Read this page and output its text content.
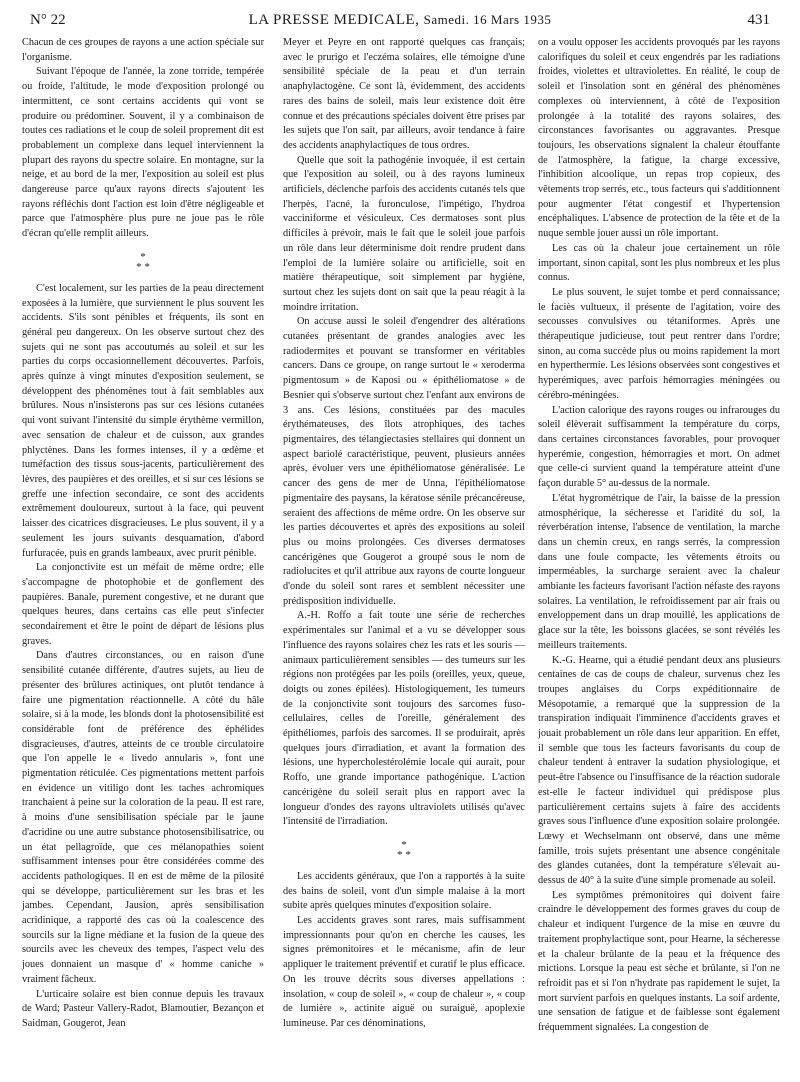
N° 22	LA PRESSE MEDICALE, Samedi. 16 Mars 1935	431

Chacun de ces groupes de rayons a une action spéciale sur l'organisme.

Suivant l'époque de l'année, la zone torride, tempérée ou froide, l'altitude, le mode d'exposition prolongé ou intermittent, ce sont certains accidents qui vont se produire ou prédominer. Souvent, il y a combinaison de toutes ces radiations et le coup de soleil proprement dit est probablement un complexe dans lequel interviennent la plupart des rayons du spectre solaire. En montagne, sur la neige, et au bord de la mer, l'exposition au soleil est plus dangereuse parce qu'aux rayons directs s'ajoutent les rayons réfléchis dont l'action est loin d'être négligeable et parce que l'atmosphère plus pure ne joue pas le rôle d'écran qu'elle remplit ailleurs.

*
* *

C'est localement, sur les parties de la peau directement exposées à la lumière, que surviennent le plus souvent les accidents. S'ils sont pénibles et fréquents, ils sont en général peu dangereux. On les observe surtout chez des sujets qui ne sont pas accoutumés au soleil et sur les parties du corps occasionnellement découvertes. Parfois, après quinze à vingt minutes d'exposition seulement, se développent des phénomènes tout à fait semblables aux brûlures. Nous n'insisterons pas sur ces lésions cutanées qui vont suivant l'intensité du simple érythème vermillon, avec sensation de chaleur et de cuisson, aux grandes phlyctènes. Dans les formes intenses, il y a œdème et tuméfaction des tissus sous-jacents, particulièrement des lèvres, des paupières et des oreilles, et si sur ces lésions se greffe une infection secondaire, ce sont des accidents extrêmement douloureux, surtout à la face, qui peuvent laisser des cicatrices disgracieuses. Le plus souvent, il y a seulement les jours suivants desquamation, d'abord furfuracée, puis en grands lambeaux, avec prurit pénible.

La conjonctivite est un méfait de même ordre; elle s'accompagne de photophobie et de gonflement des paupières. Banale, purement congestive, et ne durant que quelques heures, dans certains cas elle peut s'infecter secondairement et être le point de départ de lésions plus graves.

Dans d'autres circonstances, ou en raison d'une sensibilité cutanée différente, d'autres sujets, au lieu de présenter des brûlures actiniques, ont plutôt tendance à faire une pigmentation réactionnelle. A côté du hâle solaire, si à la mode, les blonds dont la photosensibilité est considérable font de préférence des éphélides disgracieuses, d'autres, atteints de ce trouble circulatoire que l'on appelle le « livedo annularis », font une pigmentation réticulée. Ces pigmentations mettent parfois en évidence un vitiligo dont les taches achromiques tranchaient à peine sur la coloration de la peau. Il est rare, à moins d'une sensibilisation spéciale par le jaune d'acridine ou une autre substance photosensibilisatrice, ou un état pellagroïde, que ces mélanopathies soient suffisamment intenses pour être considérées comme des accidents pathologiques. Il en est de même de la pilosité qui se développe, particulièrement sur les bras et les jambes. Cependant, Jausion, après sensibilisation acridinique, a rapporté des cas où la coalescence des sourcils sur la ligne médiane et la fusion de la queue des sourcils avec les cheveux des tempes, l'aspect velu des joues donnaient un masque d' « homme caniche » vraiment fâcheux.

L'urticaire solaire est bien connue depuis les travaux de Ward; Pasteur Vallery-Radot, Blamoutier, Bezançon et Saidman, Gougerot, Jean

Meyer et Peyre en ont rapporté quelques cas français; avec le prurigo et l'eczéma solaires, elle témoigne d'une sensibilité spéciale de la peau et d'un terrain anaphylactogène. Ce sont là, évidemment, des accidents rares des bains de soleil, mais leur existence doit être connue et des précautions spéciales doivent être prises par les sujets que l'on sait, par ailleurs, avoir tendance à faire des accidents anaphylactiques de tous ordres.

Quelle que soit la pathogénie invoquée, il est certain que l'exposition au soleil, ou à des rayons lumineux artificiels, déclenche parfois des accidents cutanés tels que l'herpès, l'acné, la furonculose, l'impétigo, l'hydroa vacciniforme et vésiculeux. Ces dermatoses sont plus difficiles à prévoir, mais le fait que le soleil joue parfois un rôle dans leur déterminisme doit rendre prudent dans l'emploi de la lumière solaire ou artificielle, soit en matière thérapeutique, soit simplement par hygiène, surtout chez les sujets dont on sait que la peau réagit à la moindre irritation.

On accuse aussi le soleil d'engendrer des altérations cutanées présentant de grandes analogies avec les radiodermites et pouvant se transformer en véritables cancers. Dans ce groupe, on range surtout le « xeroderma pigmentosum » de Kaposi ou « épithéliomatose » de Besnier qui s'observe surtout chez l'enfant aux environs de 3 ans. Ces lésions, constituées par des macules érythémateuses, des îlots atrophiques, des taches pigmentaires, des télangiectasies stellaires qui donnent un aspect bariolé caractéristique, peuvent, plusieurs années après, évoluer vers une épithéliomatose généralisée. Le cancer des gens de mer de Unna, l'épithéliomatose pigmentaire des paysans, la kératose sénile précancéreuse, seraient des affections de même ordre. On les observe sur les parties découvertes et après des expositions au soleil plus ou moins prolongées. Ces diverses dermatoses cancérigènes que Gougerot a groupé sous le nom de radiolucites et qu'il attribue aux rayons de courte longueur d'onde du soleil sont rares et semblent nécessiter une prédisposition individuelle.

A.-H. Roffo a fait toute une série de recherches expérimentales sur l'animal et a vu se développer sous l'influence des rayons solaires chez les rats et les souris — animaux particulièrement sensibles — des tumeurs sur les régions non protégées par les poils (oreilles, yeux, queue, doigts ou zones épilées). Histologiquement, les tumeurs de la conjonctivite sont toujours des sarcomes fuso-cellulaires, celles de l'oreille, généralement des épithéliomes, parfois des sarcomes. Il se produirait, après quelques jours d'irradiation, et avant la formation des lésions, une hypercholestérolémie locale qui aurait, pour Roffo, une grande importance pathogénique. L'action cancérigène du soleil serait plus en rapport avec la longueur d'ondes des rayons ultraviolets utilisés qu'avec l'intensité de l'irradiation.

*
* *

Les accidents généraux, que l'on a rapportés à la suite des bains de soleil, vont d'un simple malaise à la mort subite après quelques minutes d'exposition solaire.

Les accidents graves sont rares, mais suffisamment impressionnants pour qu'on en cherche les causes, les signes prémonitoires et le mécanisme, afin de leur appliquer le traitement préventif et curatif le plus efficace. On les trouve décrits sous diverses appellations : insolation, « coup de soleil », « coup de chaleur », « coup de lumière », actinite aiguë ou suraiguë, apoplexie lumineuse. Par ces dénominations,

on a voulu opposer les accidents provoqués par les rayons calorifiques du soleil et ceux engendrés par les radiations froides, violettes et ultraviolettes. En réalité, le coup de soleil et l'insolation sont en général des phénomènes complexes où interviennent, à côté de l'exposition prolongée à la totalité des rayons solaires, des circonstances favorisantes ou aggravantes. Presque toujours, les observations signalent la chaleur étouffante de l'atmosphère, la fatigue, la charge excessive, l'inhibition alcoolique, un repas trop copieux, des vêtements trop serrés, etc., tous facteurs qui s'additionnent pour augmenter l'état congestif et l'hypertension encéphaliques. L'absence de protection de la tête et de la nuque semble jouer aussi un rôle important.

Les cas où la chaleur joue certainement un rôle important, sinon capital, sont les plus nombreux et les plus connus.

Le plus souvent, le sujet tombe et perd connaissance; le faciès vultueux, il présente de l'agitation, voire des secousses convulsives ou tétaniformes. Après une thérapeutique judicieuse, tout peut rentrer dans l'ordre; sinon, au coma succède plus ou moins rapidement la mort en hyperthermie. Les lésions observées sont congestives et hyperémiques, avec parfois hémorragies méningées ou cérébro-méningées.

L'action calorique des rayons rouges ou infrarouges du soleil élèverait suffisamment la température du corps, dans certaines circonstances favorables, pour provoquer hyperémie, congestion, hémorragies et mort. On admet que celle-ci survient quand la température atteint d'une façon durable 5° au-dessus de la normale.

L'état hygrométrique de l'air, la baisse de la pression atmosphérique, la sécheresse et l'aridité du sol, la réverbération intense, l'absence de ventilation, la marche dans un chemin creux, en rangs serrés, la compression dans une foule compacte, les vêtements étroits ou imperméables, la surcharge seraient avec la chaleur ambiante les facteurs favorisant l'action néfaste des rayons solaires. La ventilation, le refroidissement par air frais ou enveloppement dans un drap mouillé, les applications de glace sur la tête, les boissons glacées, se sont révélés les meilleurs traitements.

K.-G. Hearne, qui a étudié pendant deux ans plusieurs centaines de cas de coups de chaleur, survenus chez les troupes anglaises du Corps expéditionnaire de Mésopotamie, a remarqué que la suppression de la transpiration indiquait l'imminence d'accidents graves et jouait probablement un rôle dans leur apparition. En effet, il semble que tous les facteurs favorisants du coup de chaleur tendent à entraver la sudation physiologique, et peut-être l'absence ou l'insuffisance de la réaction sudorale est-elle le facteur individuel qui prédispose plus particulièrement certains sujets à faire des accidents graves sous l'influence d'une exposition solaire prolongée. Lœwy et Wechselmann ont observé, dans une même famille, trois sujets présentant une absence congénitale des glandes cutanées, dont la température s'élevait au-dessus de 40° à la suite d'une simple promenade au soleil.

Les symptômes prémonitoires qui doivent faire craindre le développement des formes graves du coup de chaleur et indiquent l'urgence de la mise en œuvre du traitement prophylactique sont, pour Hearne, la sécheresse et la chaleur brûlante de la peau et la fréquence des mictions. Lorsque la peau est sèche et brûlante, si l'on ne refroidit pas et si l'on n'hydrate pas rapidement le sujet, la mort survient parfois en quelques instants. La soif ardente, une sensation de fatigue et de faiblesse sont également fréquemment signalées. La congestion de
